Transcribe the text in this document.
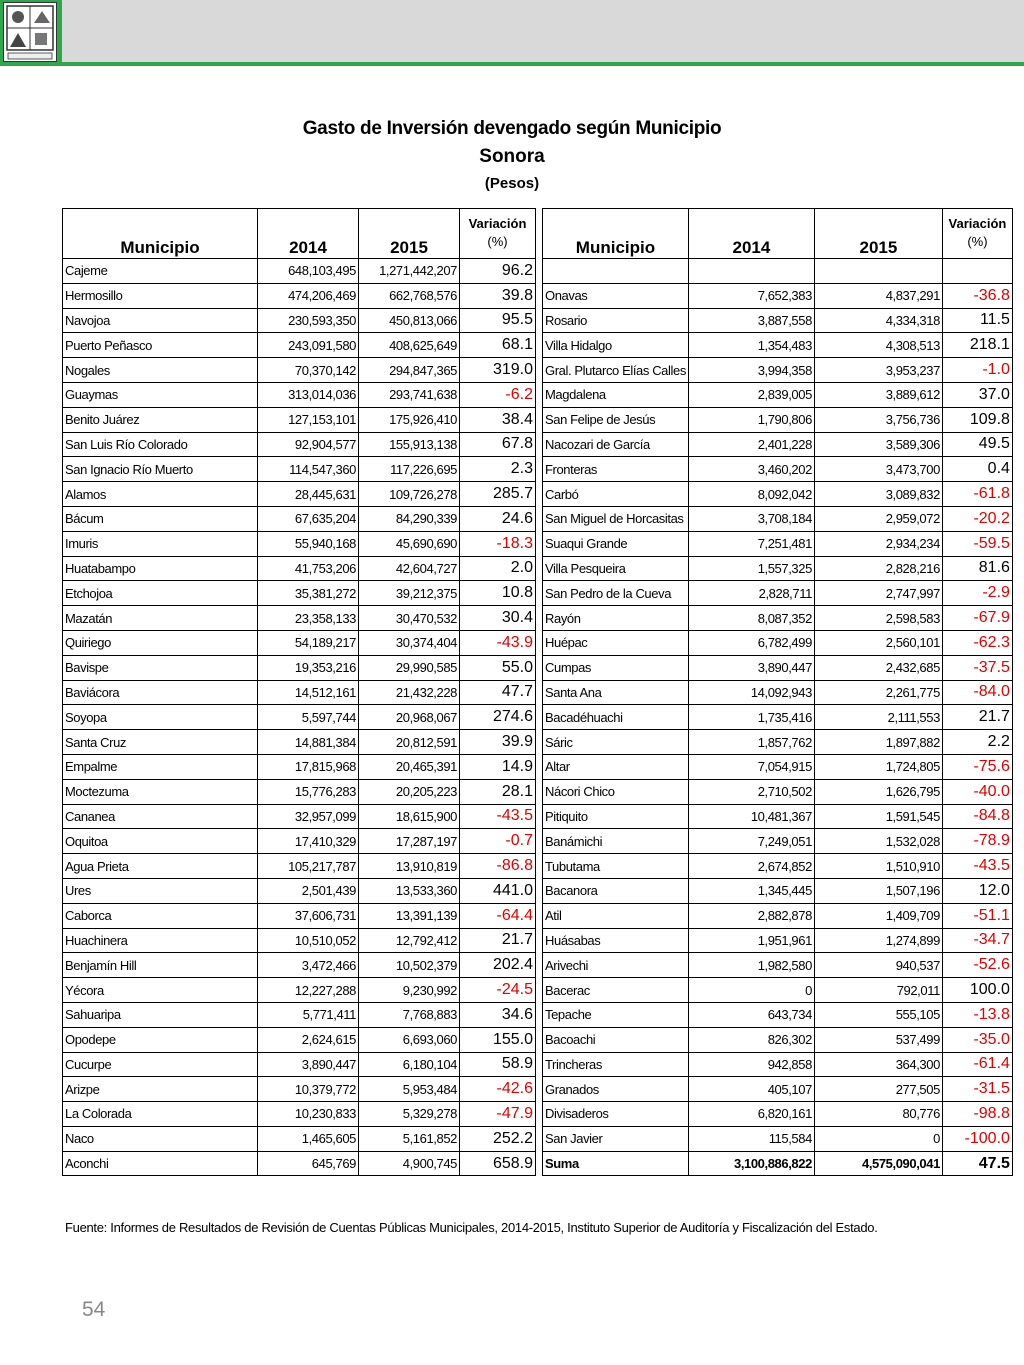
Gasto de Inversión devengado según Municipio
Sonora
(Pesos)
Municipio	2014	2015	Variación
(%)
Cajeme	648,103,495	1,271,442,207	96.2
Hermosillo	474,206,469	662,768,576	39.8
Navojoa	230,593,350	450,813,066	95.5
Puerto Peñasco	243,091,580	408,625,649	68.1
Nogales	70,370,142	294,847,365	319.0
Guaymas	313,014,036	293,741,638	-6.2
Benito Juárez	127,153,101	175,926,410	38.4
San Luis Río Colorado	92,904,577	155,913,138	67.8
San Ignacio Río Muerto	114,547,360	117,226,695	2.3
Alamos	28,445,631	109,726,278	285.7
Bácum	67,635,204	84,290,339	24.6
Imuris	55,940,168	45,690,690	-18.3
Huatabampo	41,753,206	42,604,727	2.0
Etchojoa	35,381,272	39,212,375	10.8
Mazatán	23,358,133	30,470,532	30.4
Quiriego	54,189,217	30,374,404	-43.9
Bavispe	19,353,216	29,990,585	55.0
Baviácora	14,512,161	21,432,228	47.7
Soyopa	5,597,744	20,968,067	274.6
Santa Cruz	14,881,384	20,812,591	39.9
Empalme	17,815,968	20,465,391	14.9
Moctezuma	15,776,283	20,205,223	28.1
Cananea	32,957,099	18,615,900	-43.5
Oquitoa	17,410,329	17,287,197	-0.7
Agua Prieta	105,217,787	13,910,819	-86.8
Ures	2,501,439	13,533,360	441.0
Caborca	37,606,731	13,391,139	-64.4
Huachinera	10,510,052	12,792,412	21.7
Benjamín Hill	3,472,466	10,502,379	202.4
Yécora	12,227,288	9,230,992	-24.5
Sahuaripa	5,771,411	7,768,883	34.6
Opodepe	2,624,615	6,693,060	155.0
Cucurpe	3,890,447	6,180,104	58.9
Arizpe	10,379,772	5,953,484	-42.6
La Colorada	10,230,833	5,329,278	-47.9
Naco	1,465,605	5,161,852	252.2
Aconchi	645,769	4,900,745	658.9
Municipio	2014	2015	Variación
(%)

Onavas	7,652,383	4,837,291	-36.8
Rosario	3,887,558	4,334,318	11.5
Villa Hidalgo	1,354,483	4,308,513	218.1
Gral. Plutarco Elías Calles	3,994,358	3,953,237	-1.0
Magdalena	2,839,005	3,889,612	37.0
San Felipe de Jesús	1,790,806	3,756,736	109.8
Nacozari de García	2,401,228	3,589,306	49.5
Fronteras	3,460,202	3,473,700	0.4
Carbó	8,092,042	3,089,832	-61.8
San Miguel de Horcasitas	3,708,184	2,959,072	-20.2
Suaqui Grande	7,251,481	2,934,234	-59.5
Villa Pesqueira	1,557,325	2,828,216	81.6
San Pedro de la Cueva	2,828,711	2,747,997	-2.9
Rayón	8,087,352	2,598,583	-67.9
Huépac	6,782,499	2,560,101	-62.3
Cumpas	3,890,447	2,432,685	-37.5
Santa Ana	14,092,943	2,261,775	-84.0
Bacadéhuachi	1,735,416	2,111,553	21.7
Sáric	1,857,762	1,897,882	2.2
Altar	7,054,915	1,724,805	-75.6
Nácori Chico	2,710,502	1,626,795	-40.0
Pitiquito	10,481,367	1,591,545	-84.8
Banámichi	7,249,051	1,532,028	-78.9
Tubutama	2,674,852	1,510,910	-43.5
Bacanora	1,345,445	1,507,196	12.0
Atil	2,882,878	1,409,709	-51.1
Huásabas	1,951,961	1,274,899	-34.7
Arivechi	1,982,580	940,537	-52.6
Bacerac	0	792,011	100.0
Tepache	643,734	555,105	-13.8
Bacoachi	826,302	537,499	-35.0
Trincheras	942,858	364,300	-61.4
Granados	405,107	277,505	-31.5
Divisaderos	6,820,161	80,776	-98.8
San Javier	115,584	0	-100.0
Suma	3,100,886,822	4,575,090,041	47.5
Fuente: Informes de Resultados de Revisión de Cuentas Públicas Municipales, 2014-2015, Instituto Superior de Auditoría y Fiscalización del Estado.
54
